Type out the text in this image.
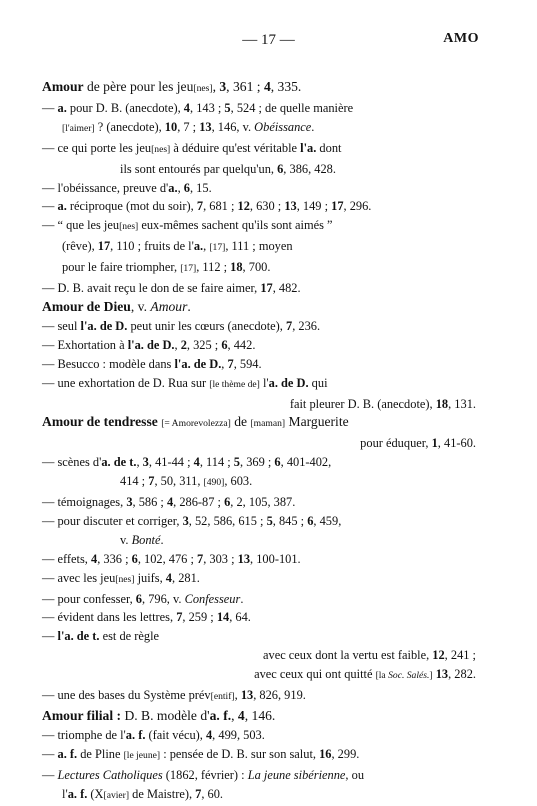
— 17 —	AMO
Amour de père pour les jeu[nes], 3, 361 ; 4, 335.
— a. pour D. B. (anecdote), 4, 143 ; 5, 524 ; de quelle manière
[l'aimer] ? (anecdote), 10, 7 ; 13, 146, v. Obéissance.
— ce qui porte les jeu[nes] à déduire qu'est véritable l'a. dont
ils sont entourés par quelqu'un, 6, 386, 428.
— l'obéissance, preuve d'a., 6, 15.
— a. réciproque (mot du soir), 7, 681 ; 12, 630 ; 13, 149 ; 17, 296.
— “ que les jeu[nes] eux-mêmes sachent qu'ils sont aimés ”
(rêve), 17, 110 ; fruits de l'a., [17], 111 ; moyen
pour le faire triompher, [17], 112 ; 18, 700.
— D. B. avait reçu le don de se faire aimer, 17, 482.
Amour de Dieu, v. Amour.
— seul l'a. de D. peut unir les cœurs (anecdote), 7, 236.
— Exhortation à l'a. de D., 2, 325 ; 6, 442.
— Besucco : modèle dans l'a. de D., 7, 594.
— une exhortation de D. Rua sur [le thème de] l'a. de D. qui
fait pleurer D. B. (anecdote), 18, 131.
Amour de tendresse [= Amorevolezza] de [maman] Marguerite
pour éduquer, 1, 41-60.
— scènes d'a. de t., 3, 41-44 ; 4, 114 ; 5, 369 ; 6, 401-402,
414 ; 7, 50, 311, [490], 603.
— témoignages, 3, 586 ; 4, 286-87 ; 6, 2, 105, 387.
— pour discuter et corriger, 3, 52, 586, 615 ; 5, 845 ; 6, 459,
v. Bonté.
— effets, 4, 336 ; 6, 102, 476 ; 7, 303 ; 13, 100-101.
— avec les jeu[nes] juifs, 4, 281.
— pour confesser, 6, 796, v. Confesseur.
— évident dans les lettres, 7, 259 ; 14, 64.
— l'a. de t. est de règle
avec ceux dont la vertu est faible, 12, 241 ;
avec ceux qui ont quitté [la Soc. Salés.] 13, 282.
— une des bases du Système prév[entif], 13, 826, 919.
Amour filial : D. B. modèle d'a. f., 4, 146.
— triomphe de l'a. f. (fait vécu), 4, 499, 503.
— a. f. de Pline [le jeune] : pensée de D. B. sur son salut, 16, 299.
— Lectures Catholiques (1862, février) : La jeune sibérienne, ou
l'a. f. (X[avier] de Maistre), 7, 60.
